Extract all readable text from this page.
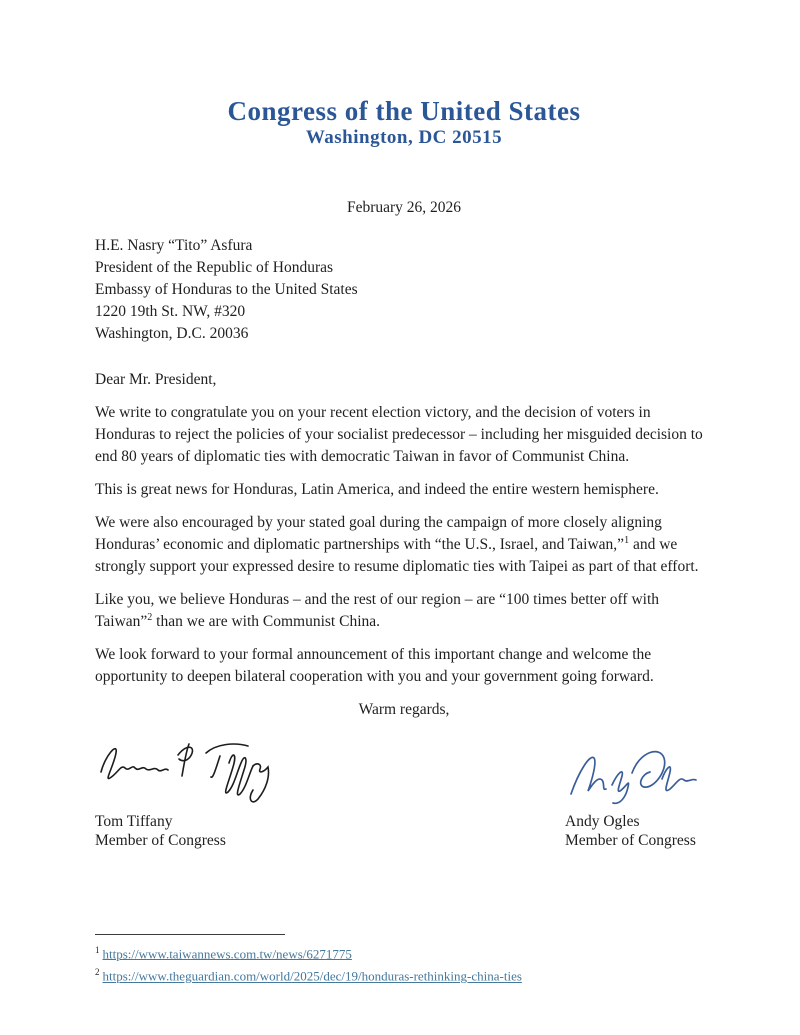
Congress of the United States
Washington, DC 20515
February 26, 2026
H.E. Nasry “Tito” Asfura
President of the Republic of Honduras
Embassy of Honduras to the United States
1220 19th St. NW, #320
Washington, D.C. 20036
Dear Mr. President,

We write to congratulate you on your recent election victory, and the decision of voters in Honduras to reject the policies of your socialist predecessor – including her misguided decision to end 80 years of diplomatic ties with democratic Taiwan in favor of Communist China.

This is great news for Honduras, Latin America, and indeed the entire western hemisphere.

We were also encouraged by your stated goal during the campaign of more closely aligning Honduras’ economic and diplomatic partnerships with “the U.S., Israel, and Taiwan,”$^1$ and we strongly support your expressed desire to resume diplomatic ties with Taipei as part of that effort.

Like you, we believe Honduras – and the rest of our region – are “100 times better off with Taiwan”$^2$ than we are with Communist China.

We look forward to your formal announcement of this important change and welcome the opportunity to deepen bilateral cooperation with you and your government going forward.

Warm regards,
Tom Tiffany
Member of Congress
Andy Ogles
Member of Congress
$^1$ https://www.taiwannews.com.tw/news/6271775
$^2$ https://www.theguardian.com/world/2025/dec/19/honduras-rethinking-china-ties
